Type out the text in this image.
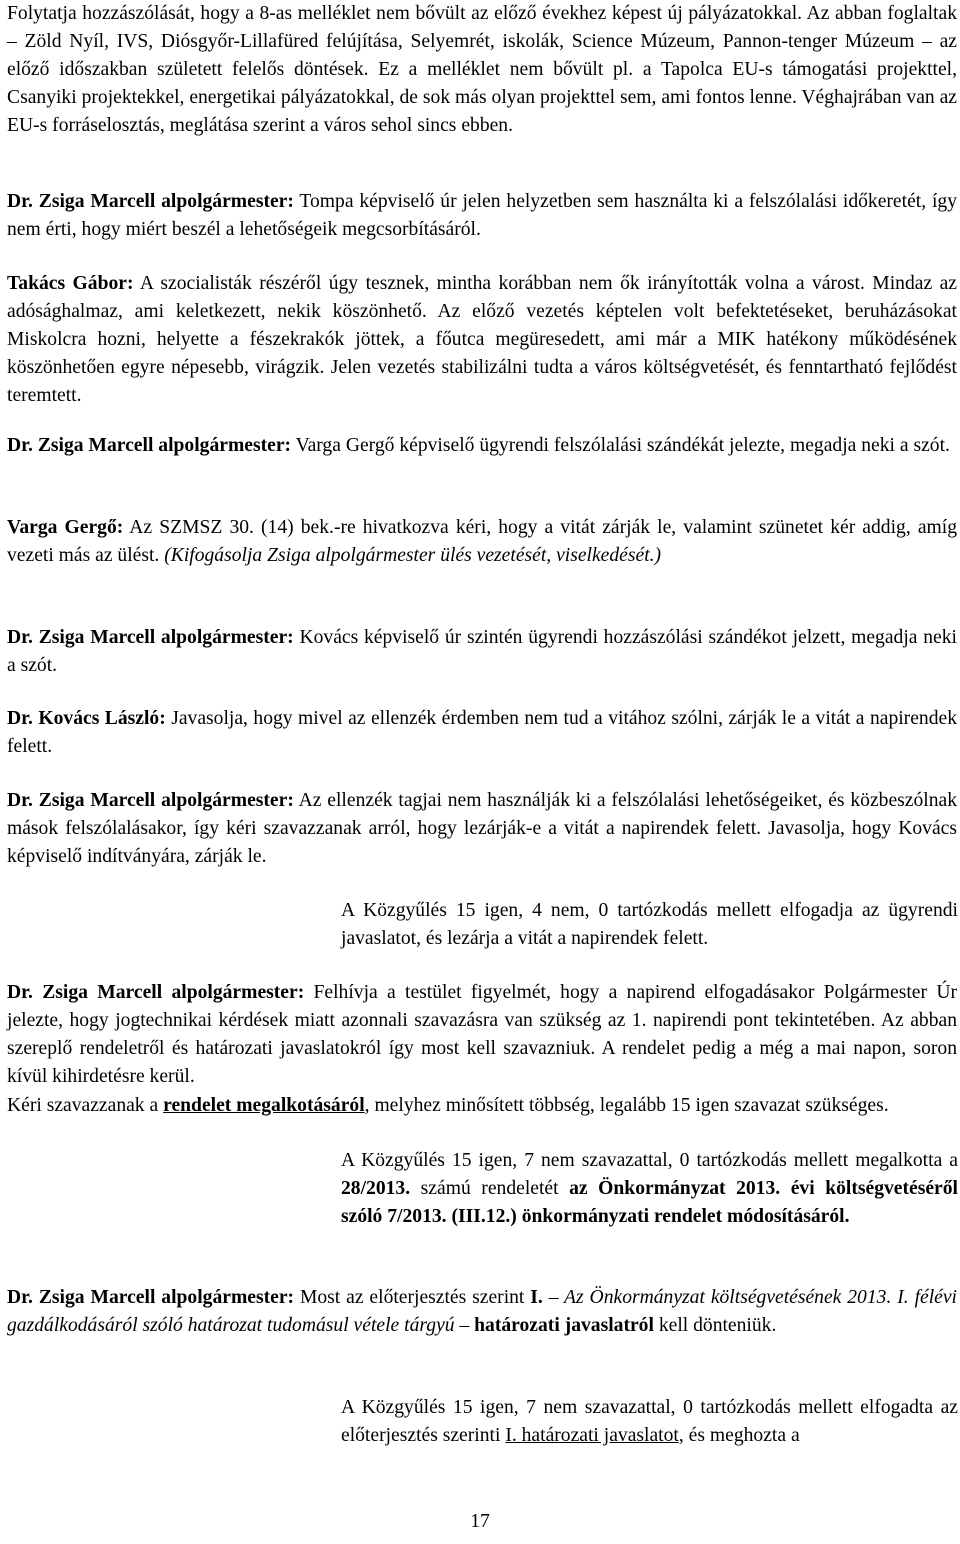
Folytatja hozzászólását, hogy a 8-as melléklet nem bővült az előző évekhez képest új pályázatokkal. Az abban foglaltak – Zöld Nyíl, IVS, Diósgyőr-Lillafüred felújítása, Selyemrét, iskolák, Science Múzeum, Pannon-tenger Múzeum – az előző időszakban született felelős döntések. Ez a melléklet nem bővült pl. a Tapolca EU-s támogatási projekttel, Csanyiki projektekkel, energetikai pályázatokkal, de sok más olyan projekttel sem, ami fontos lenne. Véghajrában van az EU-s forráselosztás, meglátása szerint a város sehol sincs ebben.

Dr. Zsiga Marcell alpolgármester: Tompa képviselő úr jelen helyzetben sem használta ki a felszólalási időkeretét, így nem érti, hogy miért beszél a lehetőségeik megcsorbításáról.

Takács Gábor: A szocialisták részéről úgy tesznek, mintha korábban nem ők irányították volna a várost. Mindaz az adósághalmaz, ami keletkezett, nekik köszönhető. Az előző vezetés képtelen volt befektetéseket, beruházásokat Miskolcra hozni, helyette a fészekrakók jöttek, a főutca megüresedett, ami már a MIK hatékony működésének köszönhetően egyre népesebb, virágzik. Jelen vezetés stabilizálni tudta a város költségvetését, és fenntartható fejlődést teremtett.

Dr. Zsiga Marcell alpolgármester: Varga Gergő képviselő ügyrendi felszólalási szándékát jelezte, megadja neki a szót.

Varga Gergő: Az SZMSZ 30. (14) bek.-re hivatkozva kéri, hogy a vitát zárják le, valamint szünetet kér addig, amíg vezeti más az ülést. (Kifogásolja Zsiga alpolgármester ülés vezetését, viselkedését.)

Dr. Zsiga Marcell alpolgármester: Kovács képviselő úr szintén ügyrendi hozzászólási szándékot jelzett, megadja neki a szót.

Dr. Kovács László: Javasolja, hogy mivel az ellenzék érdemben nem tud a vitához szólni, zárják le a vitát a napirendek felett.

Dr. Zsiga Marcell alpolgármester: Az ellenzék tagjai nem használják ki a felszólalási lehetőségeiket, és közbeszólnak mások felszólalásakor, így kéri szavazzanak arról, hogy lezárják-e a vitát a napirendek felett. Javasolja, hogy Kovács képviselő indítványára, zárják le.

A Közgyűlés 15 igen, 4 nem, 0 tartózkodás mellett elfogadja az ügyrendi javaslatot, és lezárja a vitát a napirendek felett.

Dr. Zsiga Marcell alpolgármester: Felhívja a testület figyelmét, hogy a napirend elfogadásakor Polgármester Úr jelezte, hogy jogtechnikai kérdések miatt azonnali szavazásra van szükség az 1. napirendi pont tekintetében. Az abban szereplő rendeletről és határozati javaslatokról így most kell szavazniuk. A rendelet pedig a még a mai napon, soron kívül kihirdetésre kerül.

Kéri szavazzanak a rendelet megalkotásáról, melyhez minősített többség, legalább 15 igen szavazat szükséges.

A Közgyűlés 15 igen, 7 nem szavazattal, 0 tartózkodás mellett megalkotta a 28/2013. számú rendeletét az Önkormányzat 2013. évi költségvetéséről szóló 7/2013. (III.12.) önkormányzati rendelet módosításáról.

Dr. Zsiga Marcell alpolgármester: Most az előterjesztés szerint I. – Az Önkormányzat költségvetésének 2013. I. félévi gazdálkodásáról szóló határozat tudomásul vétele tárgyú – határozati javaslatról kell dönteniük.

A Közgyűlés 15 igen, 7 nem szavazattal, 0 tartózkodás mellett elfogadta az előterjesztés szerinti I. határozati javaslatot, és meghozta a

17
